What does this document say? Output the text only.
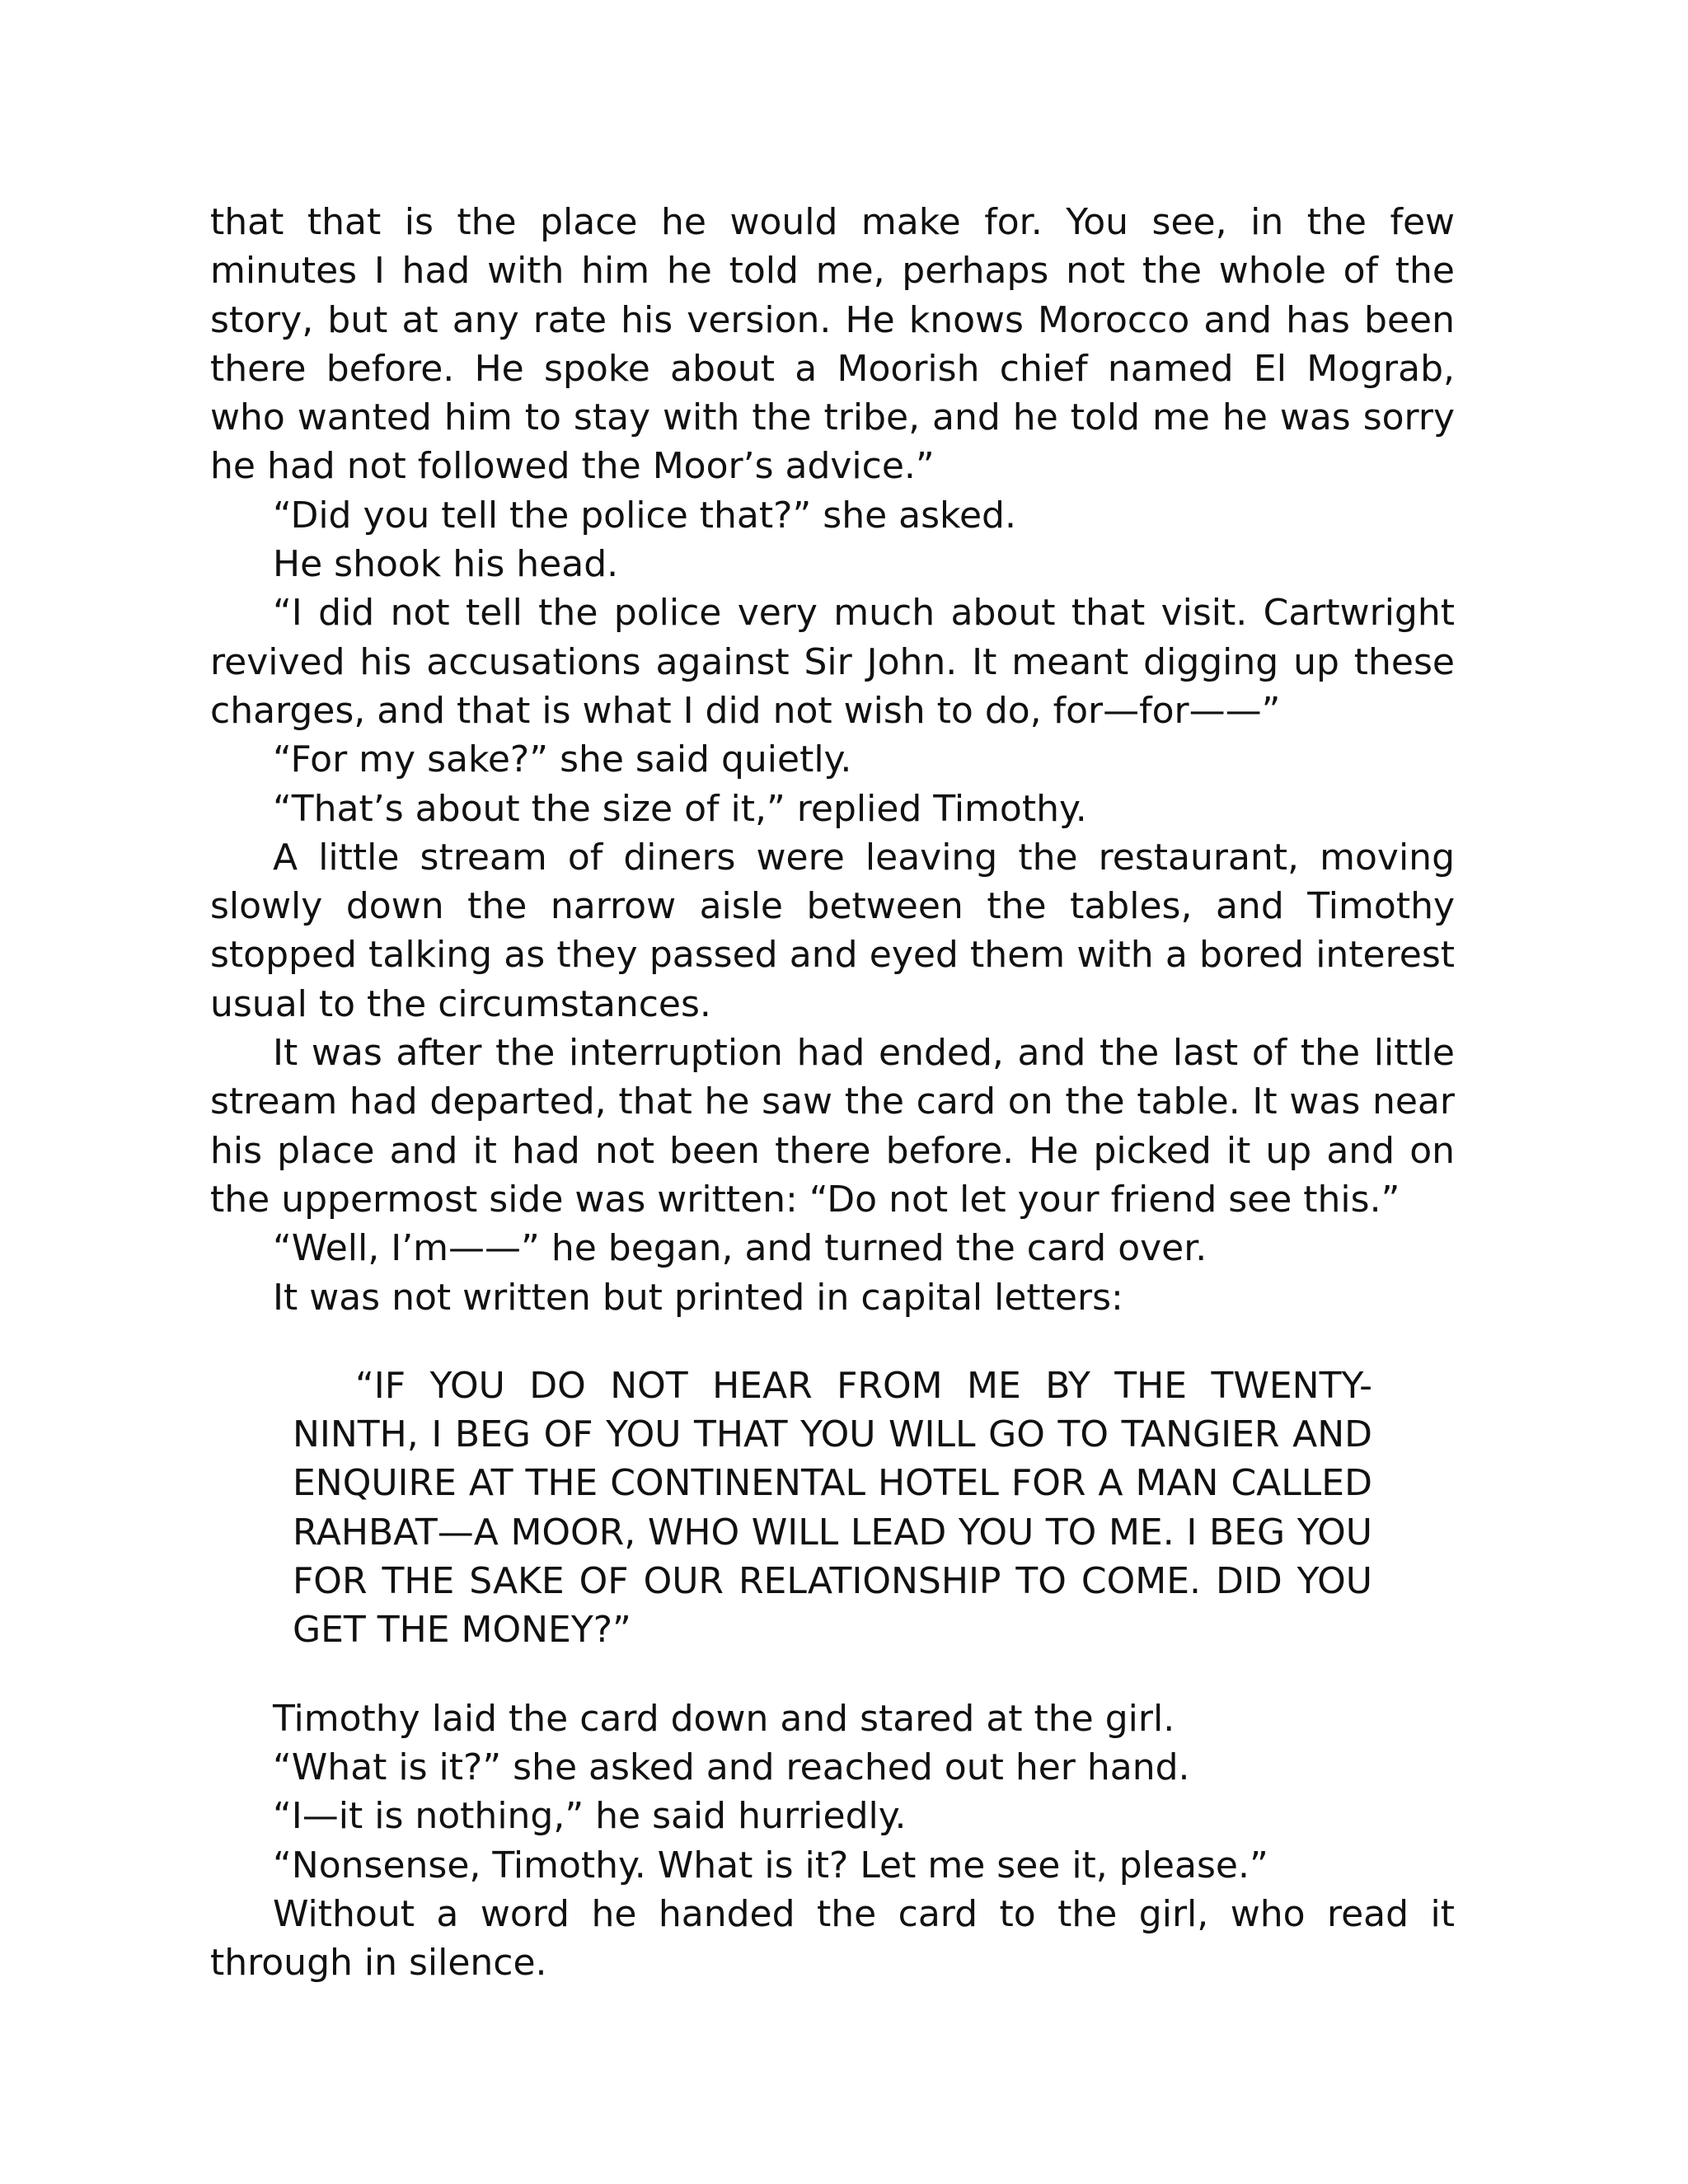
that that is the place he would make for. You see, in the few minutes I had with him he told me, perhaps not the whole of the story, but at any rate his version. He knows Morocco and has been there before. He spoke about a Moorish chief named El Mograb, who wanted him to stay with the tribe, and he told me he was sorry he had not followed the Moor’s advice.”

“Did you tell the police that?” she asked.

He shook his head.

“I did not tell the police very much about that visit. Cartwright revived his accusations against Sir John. It meant digging up these charges, and that is what I did not wish to do, for—for——”

“For my sake?” she said quietly.

“That’s about the size of it,” replied Timothy.

A little stream of diners were leaving the restaurant, moving slowly down the narrow aisle between the tables, and Timothy stopped talking as they passed and eyed them with a bored interest usual to the circumstances.

It was after the interruption had ended, and the last of the little stream had departed, that he saw the card on the table. It was near his place and it had not been there before. He picked it up and on the uppermost side was written: “Do not let your friend see this.”

“Well, I’m——” he began, and turned the card over.

It was not written but printed in capital letters:

“IF YOU DO NOT HEAR FROM ME BY THE TWENTY-NINTH, I BEG OF YOU THAT YOU WILL GO TO TANGIER AND ENQUIRE AT THE CONTINENTAL HOTEL FOR A MAN CALLED RAHBAT—A MOOR, WHO WILL LEAD YOU TO ME. I BEG YOU FOR THE SAKE OF OUR RELATIONSHIP TO COME. DID YOU GET THE MONEY?”

Timothy laid the card down and stared at the girl.

“What is it?” she asked and reached out her hand.

“I—it is nothing,” he said hurriedly.

“Nonsense, Timothy. What is it? Let me see it, please.”

Without a word he handed the card to the girl, who read it through in silence.
